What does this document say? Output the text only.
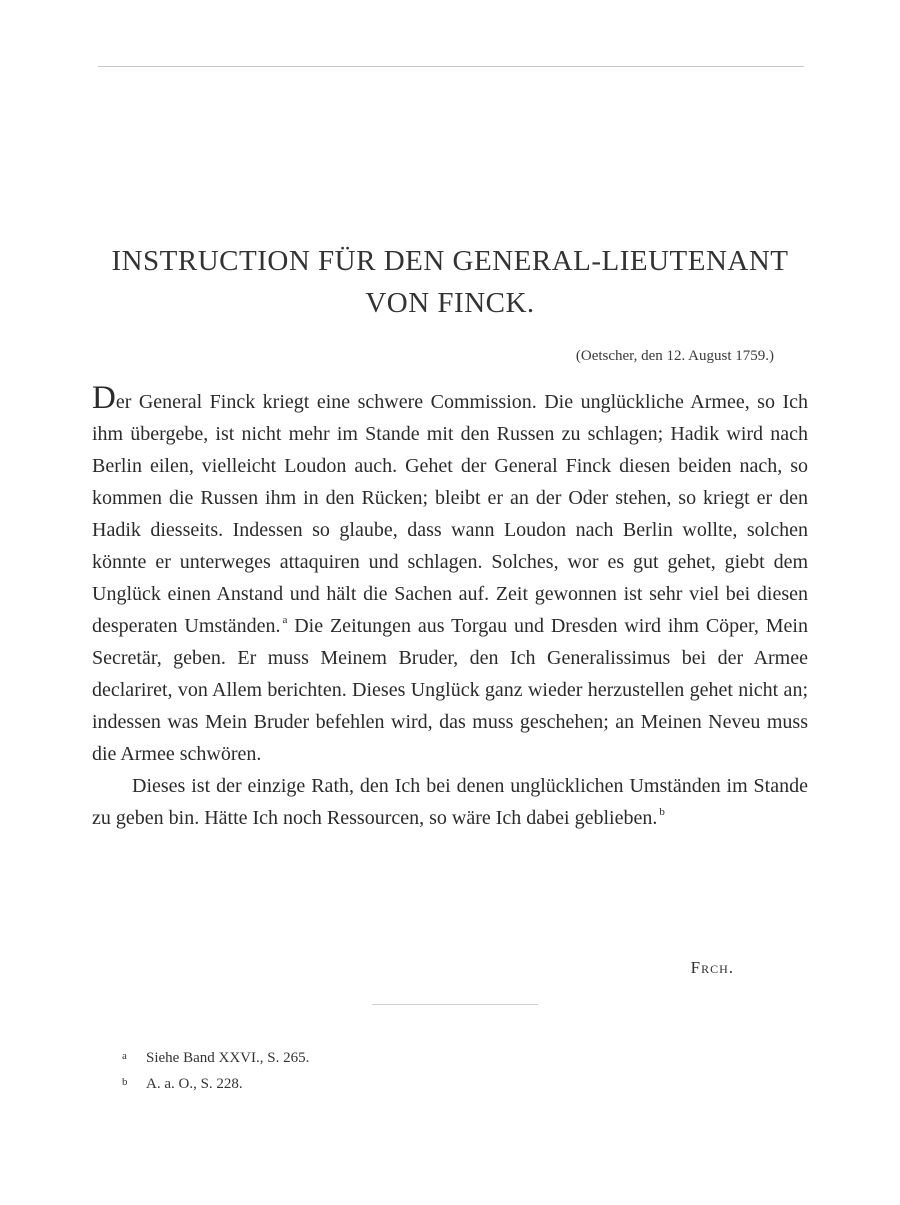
INSTRUCTION FÜR DEN GENERAL-LIEUTENANT
VON FINCK.

(Oetscher, den 12. August 1759.)

Der General Finck kriegt eine schwere Commission. Die unglückliche Armee, so Ich ihm übergebe, ist nicht mehr im Stande mit den Russen zu schlagen; Hadik wird nach Berlin eilen, vielleicht Loudon auch. Gehet der General Finck diesen beiden nach, so kommen die Russen ihm in den Rücken; bleibt er an der Oder stehen, so kriegt er den Hadik diesseits. Indessen so glaube, dass wann Loudon nach Berlin wollte, solchen könnte er unterweges attaquiren und schlagen. Solches, wor es gut gehet, giebt dem Unglück einen Anstand und hält die Sachen auf. Zeit gewonnen ist sehr viel bei diesen desperaten Umständen. $^a$ Die Zeitungen aus Torgau und Dresden wird ihm Cöper, Mein Secretär, geben. Er muss Meinem Bruder, den Ich Generalissimus bei der Armee declariret, von Allem berichten. Dieses Unglück ganz wieder herzustellen gehet nicht an; indessen was Mein Bruder befehlen wird, das muss geschehen; an Meinen Neveu muss die Armee schwören.

Dieses ist der einzige Rath, den Ich bei denen unglücklichen Umständen im Stande zu geben bin. Hätte Ich noch Ressourcen, so wäre Ich dabei geblieben. $^b$

Frch.

a Siehe Band XXVI., S. 265.
b A. a. O., S. 228.
